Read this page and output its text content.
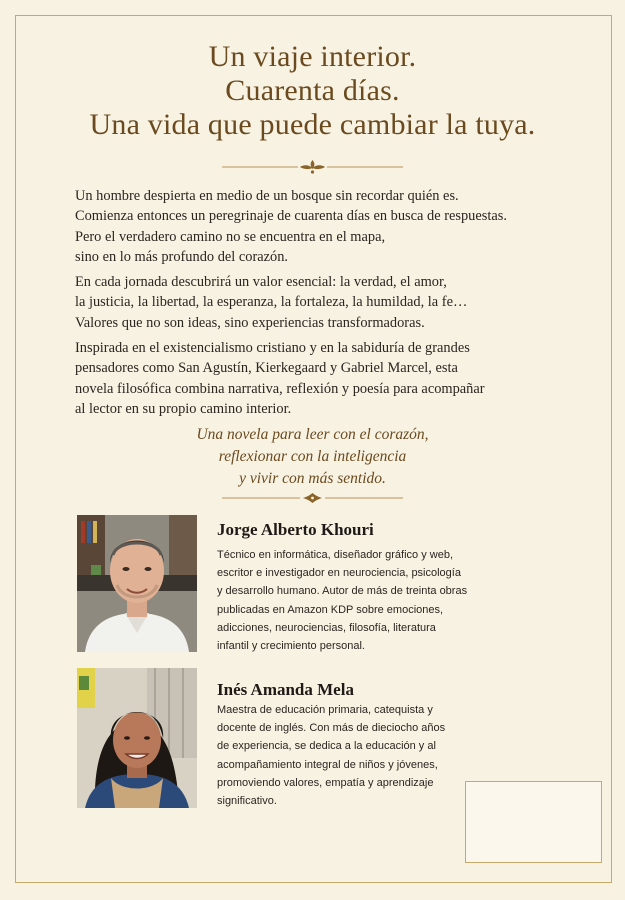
Un viaje interior.
Cuarenta días.
Una vida que puede cambiar la tuya.

Un hombre despierta en medio de un bosque sin recordar quién es.

Comienza entonces un peregrinaje de cuarenta días en busca de respuestas.

Pero el verdadero camino no se encuentra en el mapa,

sino en lo más profundo del corazón.

En cada jornada descubrirá un valor esencial: la verdad, el amor,

la justicia, la libertad, la esperanza, la fortaleza, la humildad, la fe…

Valores que no son ideas, sino experiencias transformadoras.

Inspirada en el existencialismo cristiano y en la sabiduría de grandes

pensadores como San Agustín, Kierkegaard y Gabriel Marcel, esta

novela filosófica combina narrativa, reflexión y poesía para acompañar

al lector en su propio camino interior.

Una novela para leer con el corazón,
reflexionar con la inteligencia
y vivir con más sentido.
Jorge Alberto Khouri
Técnico en informática, diseñador gráfico y web,
escritor e investigador en neurociencia, psicología
y desarrollo humano. Autor de más de treinta obras
publicadas en Amazon KDP sobre emociones,
adicciones, neurociencias, filosofía, literatura
infantil y crecimiento personal.
Inés Amanda Mela
Maestra de educación primaria, catequista y
docente de inglés. Con más de dieciocho años
de experiencia, se dedica a la educación y al
acompañamiento integral de niños y jóvenes,
promoviendo valores, empatía y aprendizaje
significativo.
